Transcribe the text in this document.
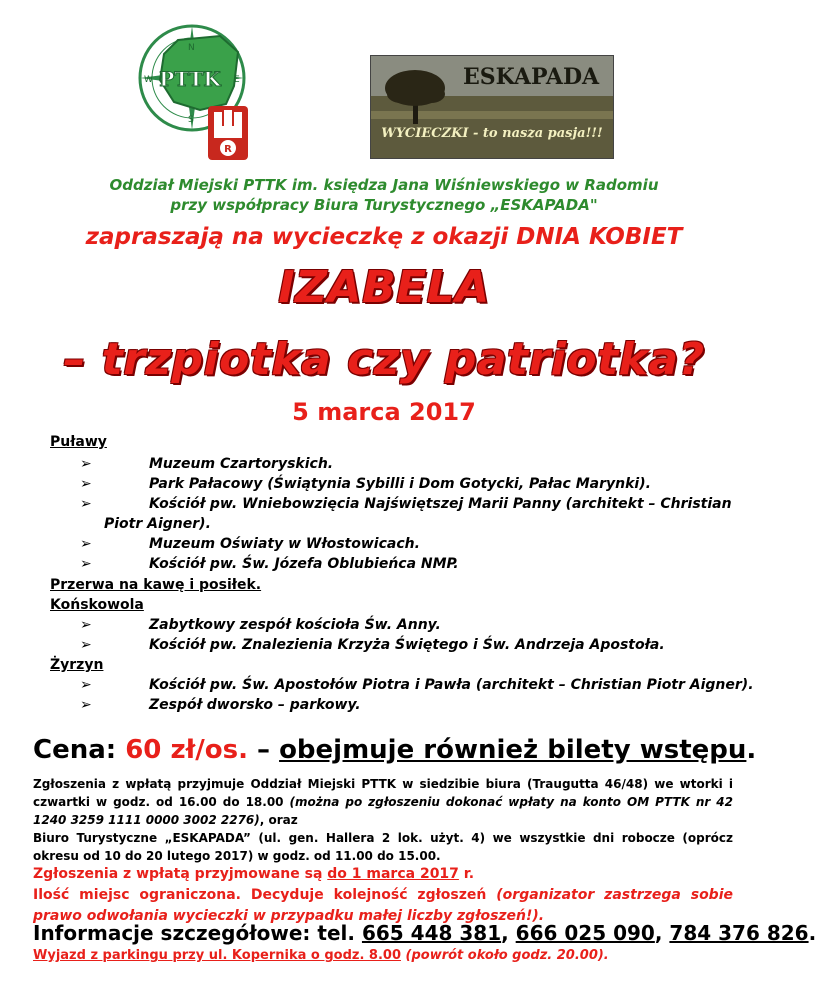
N
E
S
W PTTK
R
ESKAPADA
WYCIECZKI - to nasza pasja!!!
Oddział Miejski PTTK im. księdza Jana Wiśniewskiego w Radomiu
przy współpracy Biura Turystycznego „ESKAPADA"
zapraszają na wycieczkę z okazji DNIA KOBIET
IZABELA
– trzpiotka czy patriotka?
5 marca 2017
Puławy
➢	Muzeum Czartoryskich.
➢	Park Pałacowy (Świątynia Sybilli i Dom Gotycki, Pałac Marynki).
➢	Kościół pw. Wniebowzięcia Najświętszej Marii Panny (architekt – Christian
Piotr Aigner).
➢	Muzeum Oświaty w Włostowicach.
➢	Kościół pw. Św. Józefa Oblubieńca NMP.
Przerwa na kawę i posiłek.
Końskowola
➢	Zabytkowy zespół kościoła Św. Anny.
➢	Kościół pw. Znalezienia Krzyża Świętego i Św. Andrzeja Apostoła.
Żyrzyn
➢	Kościół pw. Św. Apostołów Piotra i Pawła (architekt – Christian Piotr Aigner).
➢	Zespół dworsko – parkowy.
Cena: 60 zł/os. – obejmuje również bilety wstępu.
Zgłoszenia z wpłatą przyjmuje Oddział Miejski PTTK w siedzibie biura (Traugutta 46/48) we wtorki i czwartki w godz. od 16.00 do 18.00 (można po zgłoszeniu dokonać wpłaty na konto OM PTTK nr 42 1240 3259 1111 0000 3002 2276), oraz
Biuro Turystyczne „ESKAPADA” (ul. gen. Hallera 2 lok. użyt. 4) we wszystkie dni robocze (oprócz okresu od 10 do 20 lutego 2017) w godz. od 11.00 do 15.00.
Zgłoszenia z wpłatą przyjmowane są do 1 marca 2017 r.
Ilość miejsc ograniczona. Decyduje kolejność zgłoszeń (organizator zastrzega sobie prawo odwołania wycieczki w przypadku małej liczby zgłoszeń!).
Informacje szczegółowe: tel. 665 448 381, 666 025 090, 784 376 826.
Wyjazd z parkingu przy ul. Kopernika o godz. 8.00 (powrót około godz. 20.00).
